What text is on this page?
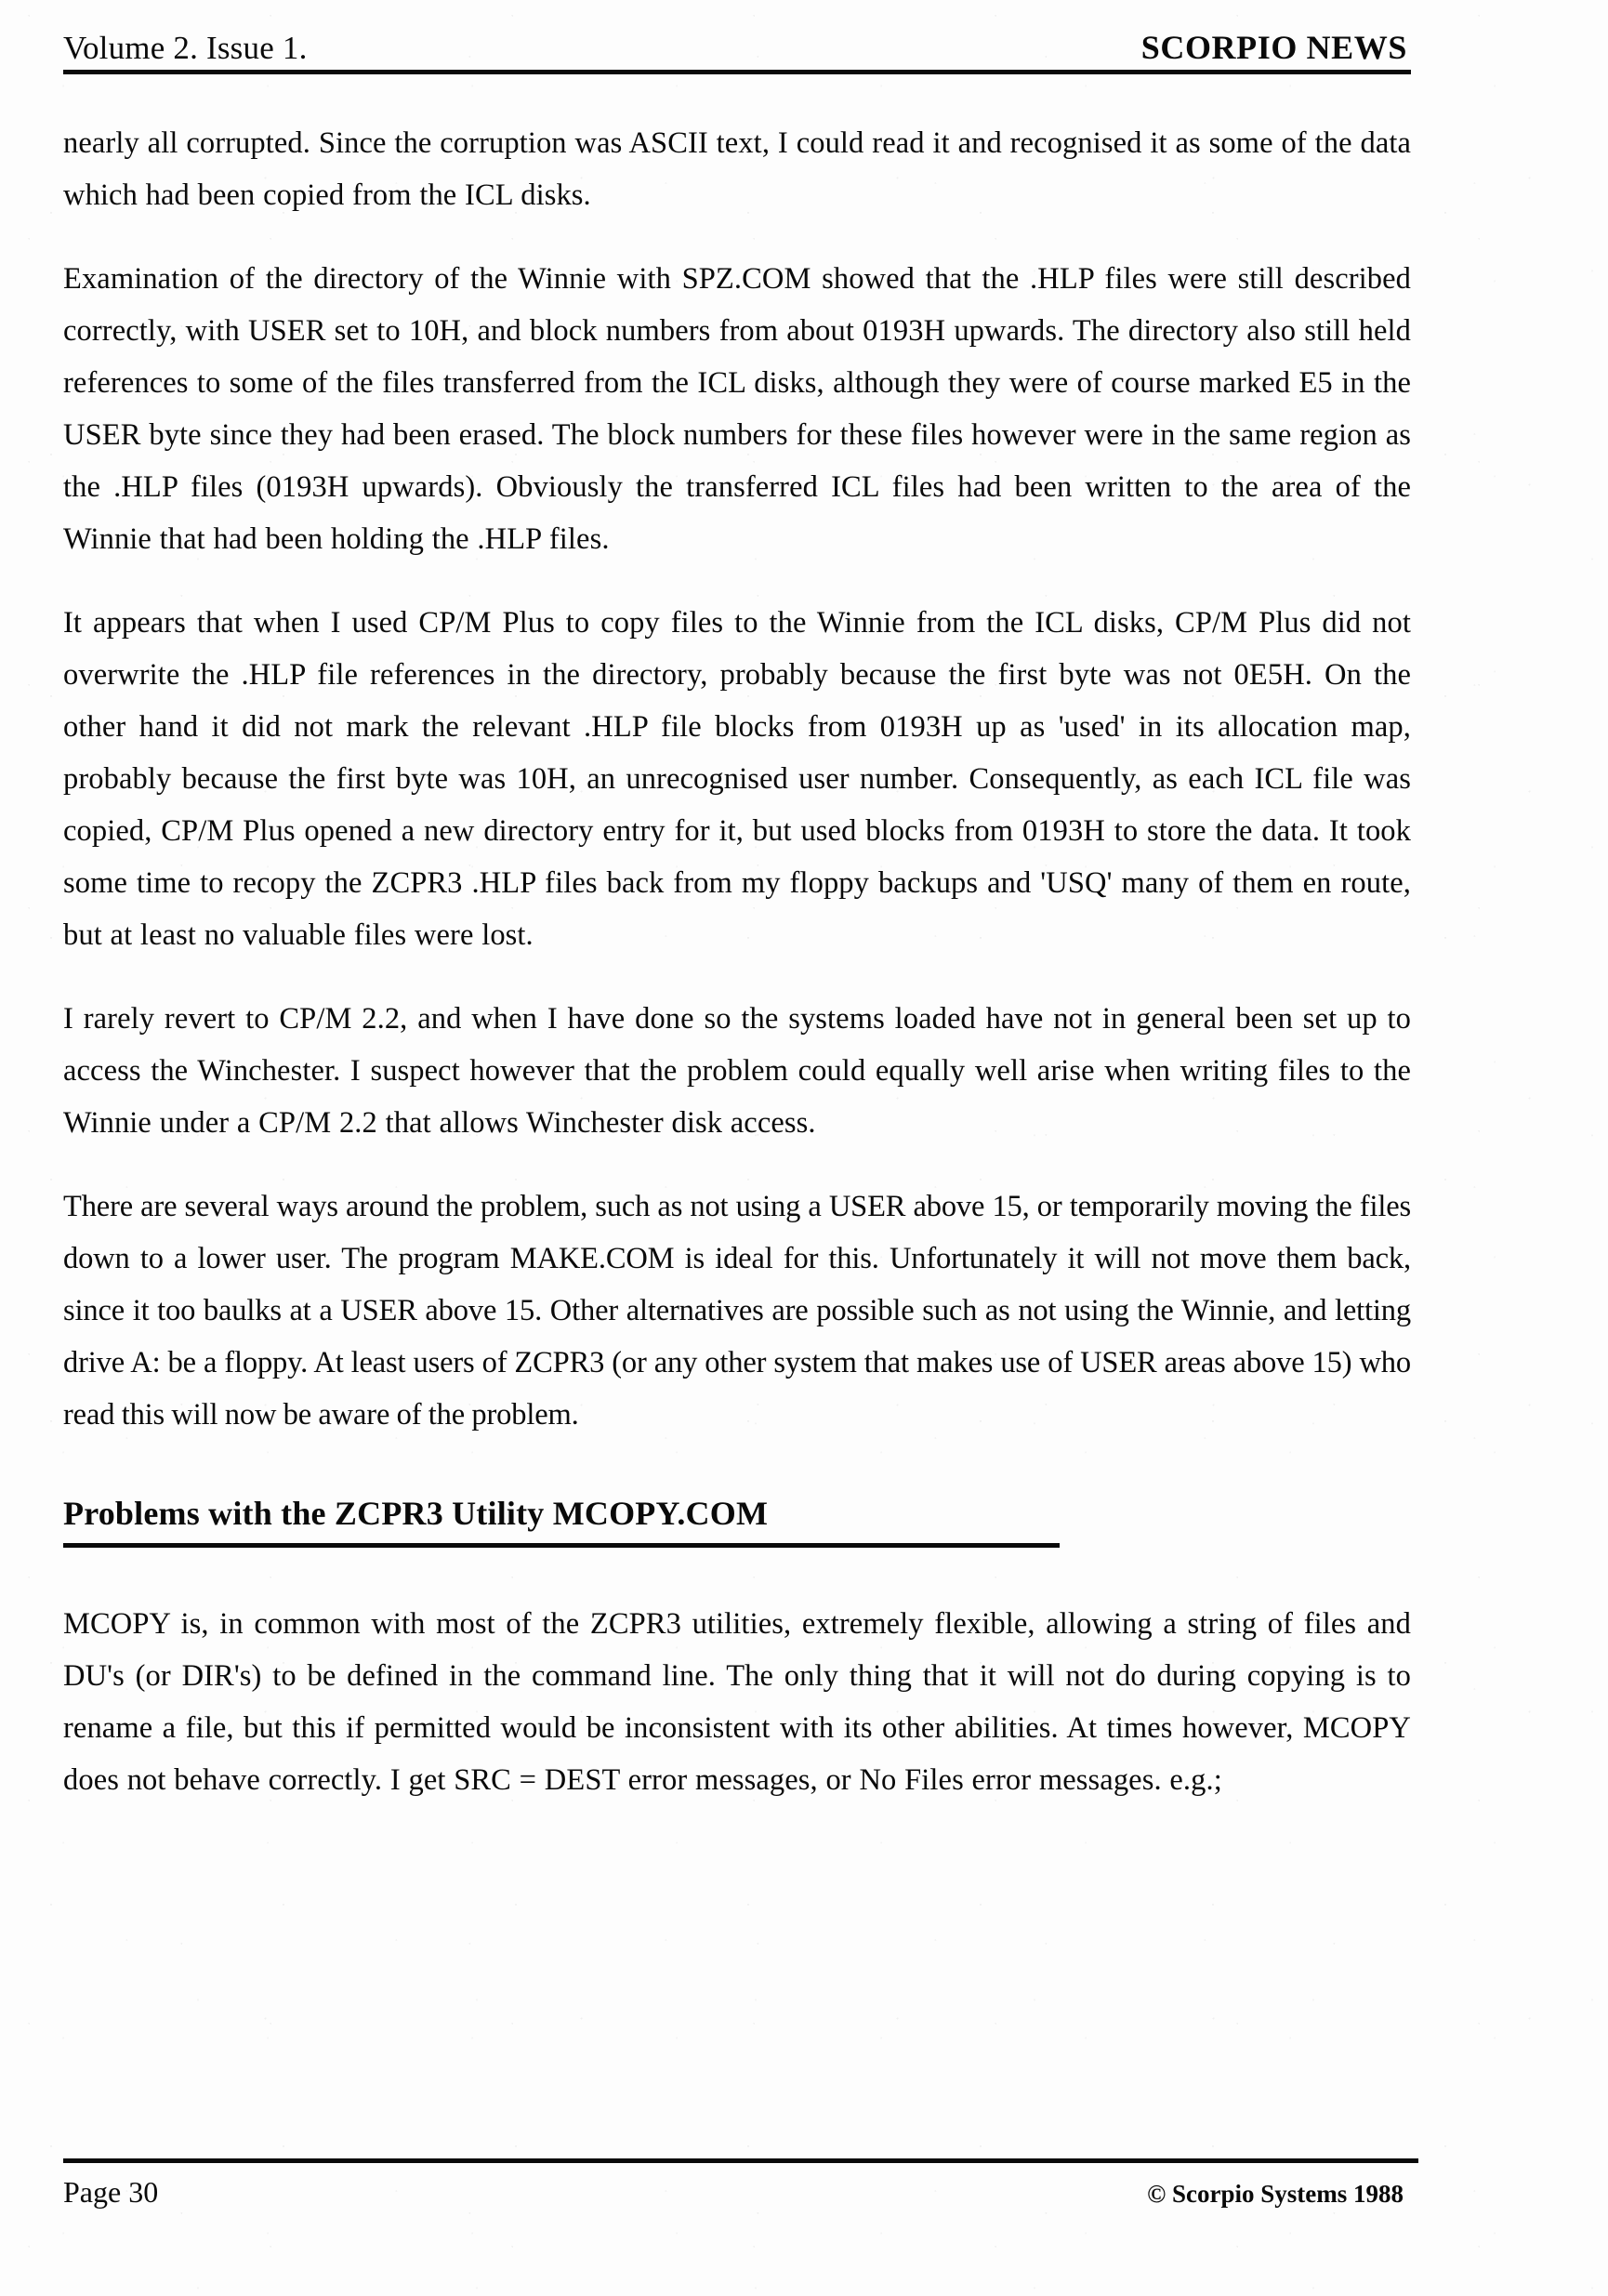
Volume 2. Issue 1.	SCORPIO NEWS

nearly all corrupted. Since the corruption was ASCII text, I could read it and recognised it as some of the data which had been copied from the ICL disks.

Examination of the directory of the Winnie with SPZ.COM showed that the .HLP files were still described correctly, with USER set to 10H, and block numbers from about 0193H upwards. The directory also still held references to some of the files transferred from the ICL disks, although they were of course marked E5 in the USER byte since they had been erased. The block numbers for these files however were in the same region as the .HLP files (0193H upwards). Obviously the transferred ICL files had been written to the area of the Winnie that had been holding the .HLP files.

It appears that when I used CP/M Plus to copy files to the Winnie from the ICL disks, CP/M Plus did not overwrite the .HLP file references in the directory, probably because the first byte was not 0E5H. On the other hand it did not mark the relevant .HLP file blocks from 0193H up as 'used' in its allocation map, probably because the first byte was 10H, an unrecognised user number. Consequently, as each ICL file was copied, CP/M Plus opened a new directory entry for it, but used blocks from 0193H to store the data. It took some time to recopy the ZCPR3 .HLP files back from my floppy backups and 'USQ' many of them en route, but at least no valuable files were lost.

I rarely revert to CP/M 2.2, and when I have done so the systems loaded have not in general been set up to access the Winchester. I suspect however that the problem could equally well arise when writing files to the Winnie under a CP/M 2.2 that allows Winchester disk access.

There are several ways around the problem, such as not using a USER above 15, or temporarily moving the files down to a lower user. The program MAKE.COM is ideal for this. Unfortunately it will not move them back, since it too baulks at a USER above 15. Other alternatives are possible such as not using the Winnie, and letting drive A: be a floppy. At least users of ZCPR3 (or any other system that makes use of USER areas above 15) who read this will now be aware of the problem.

Problems with the ZCPR3 Utility MCOPY.COM

MCOPY is, in common with most of the ZCPR3 utilities, extremely flexible, allowing a string of files and DU's (or DIR's) to be defined in the command line. The only thing that it will not do during copying is to rename a file, but this if permitted would be inconsistent with its other abilities. At times however, MCOPY does not behave correctly. I get SRC = DEST error messages, or No Files error messages. e.g.;

Page 30	© Scorpio Systems 1988
